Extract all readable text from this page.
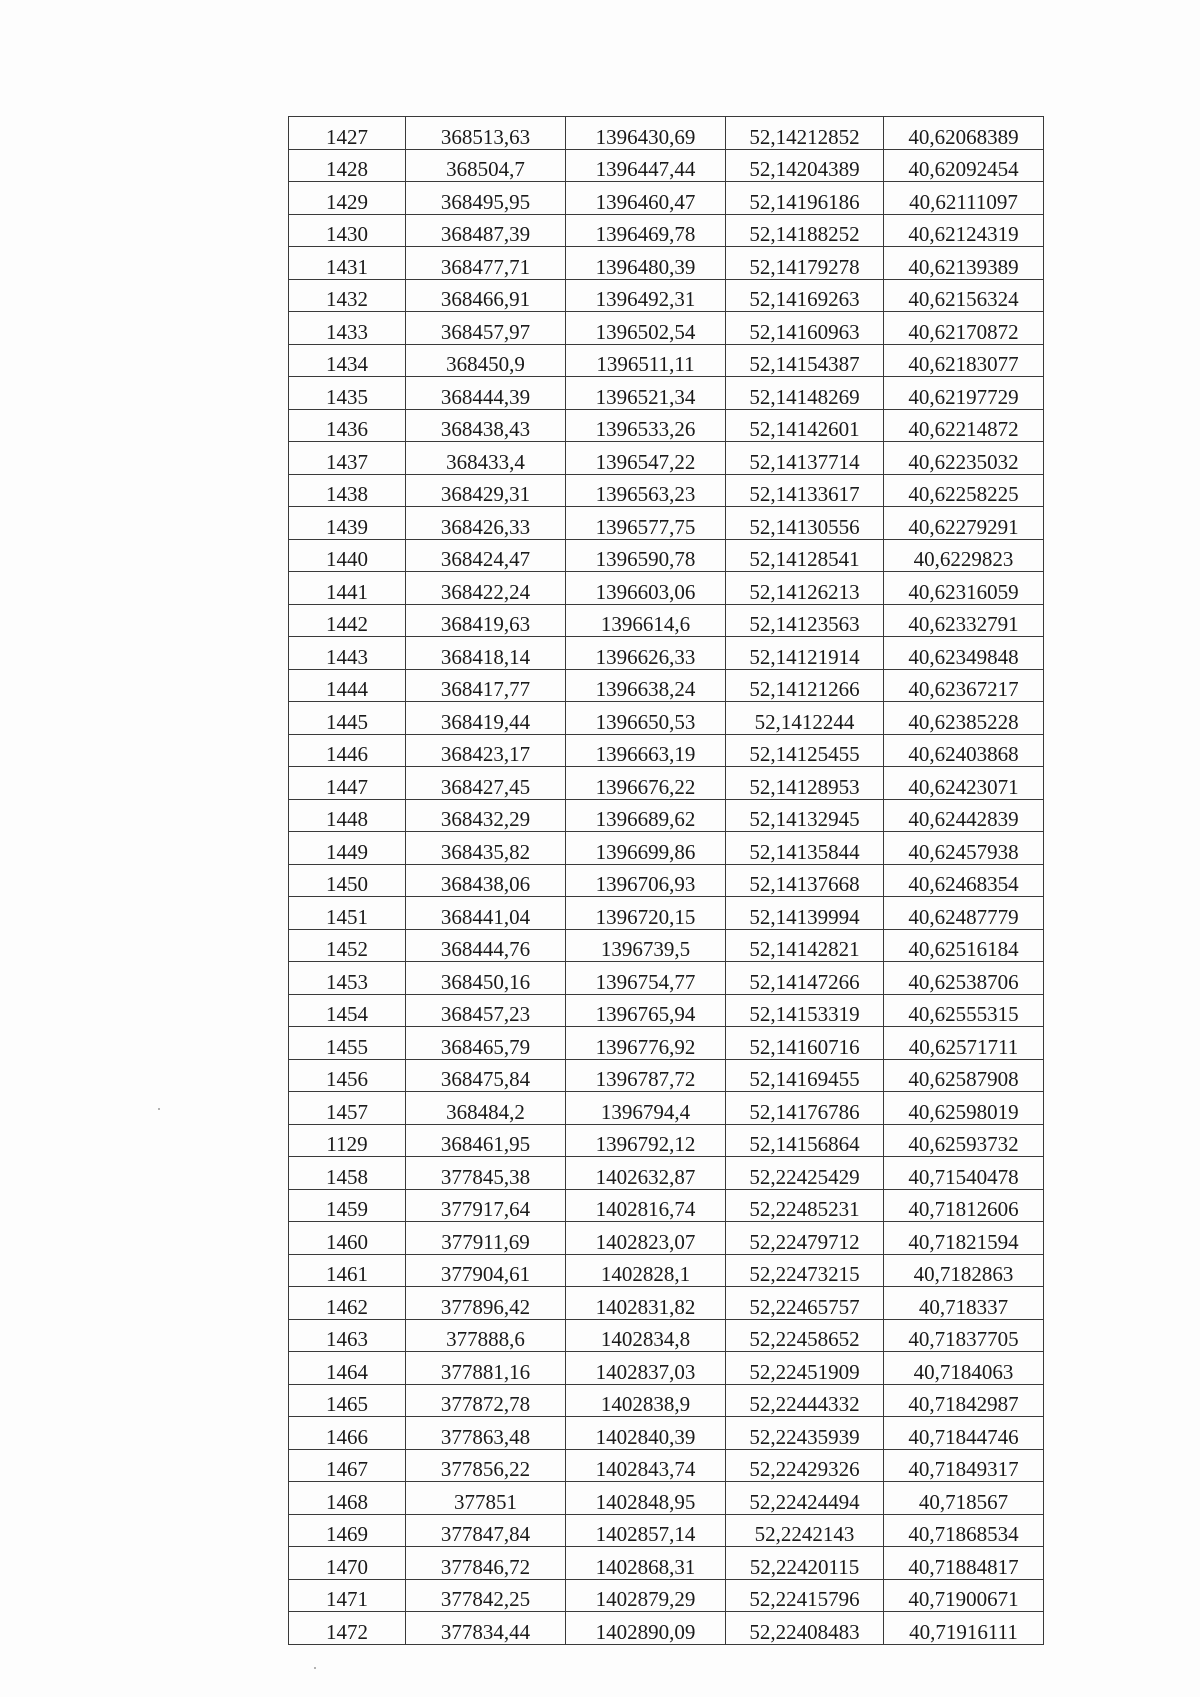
1427	368513,63	1396430,69	52,14212852	40,62068389
1428	368504,7	1396447,44	52,14204389	40,62092454
1429	368495,95	1396460,47	52,14196186	40,62111097
1430	368487,39	1396469,78	52,14188252	40,62124319
1431	368477,71	1396480,39	52,14179278	40,62139389
1432	368466,91	1396492,31	52,14169263	40,62156324
1433	368457,97	1396502,54	52,14160963	40,62170872
1434	368450,9	1396511,11	52,14154387	40,62183077
1435	368444,39	1396521,34	52,14148269	40,62197729
1436	368438,43	1396533,26	52,14142601	40,62214872
1437	368433,4	1396547,22	52,14137714	40,62235032
1438	368429,31	1396563,23	52,14133617	40,62258225
1439	368426,33	1396577,75	52,14130556	40,62279291
1440	368424,47	1396590,78	52,14128541	40,6229823
1441	368422,24	1396603,06	52,14126213	40,62316059
1442	368419,63	1396614,6	52,14123563	40,62332791
1443	368418,14	1396626,33	52,14121914	40,62349848
1444	368417,77	1396638,24	52,14121266	40,62367217
1445	368419,44	1396650,53	52,1412244	40,62385228
1446	368423,17	1396663,19	52,14125455	40,62403868
1447	368427,45	1396676,22	52,14128953	40,62423071
1448	368432,29	1396689,62	52,14132945	40,62442839
1449	368435,82	1396699,86	52,14135844	40,62457938
1450	368438,06	1396706,93	52,14137668	40,62468354
1451	368441,04	1396720,15	52,14139994	40,62487779
1452	368444,76	1396739,5	52,14142821	40,62516184
1453	368450,16	1396754,77	52,14147266	40,62538706
1454	368457,23	1396765,94	52,14153319	40,62555315
1455	368465,79	1396776,92	52,14160716	40,62571711
1456	368475,84	1396787,72	52,14169455	40,62587908
1457	368484,2	1396794,4	52,14176786	40,62598019
1129	368461,95	1396792,12	52,14156864	40,62593732
1458	377845,38	1402632,87	52,22425429	40,71540478
1459	377917,64	1402816,74	52,22485231	40,71812606
1460	377911,69	1402823,07	52,22479712	40,71821594
1461	377904,61	1402828,1	52,22473215	40,7182863
1462	377896,42	1402831,82	52,22465757	40,718337
1463	377888,6	1402834,8	52,22458652	40,71837705
1464	377881,16	1402837,03	52,22451909	40,7184063
1465	377872,78	1402838,9	52,22444332	40,71842987
1466	377863,48	1402840,39	52,22435939	40,71844746
1467	377856,22	1402843,74	52,22429326	40,71849317
1468	377851	1402848,95	52,22424494	40,718567
1469	377847,84	1402857,14	52,2242143	40,71868534
1470	377846,72	1402868,31	52,22420115	40,71884817
1471	377842,25	1402879,29	52,22415796	40,71900671
1472	377834,44	1402890,09	52,22408483	40,71916111
